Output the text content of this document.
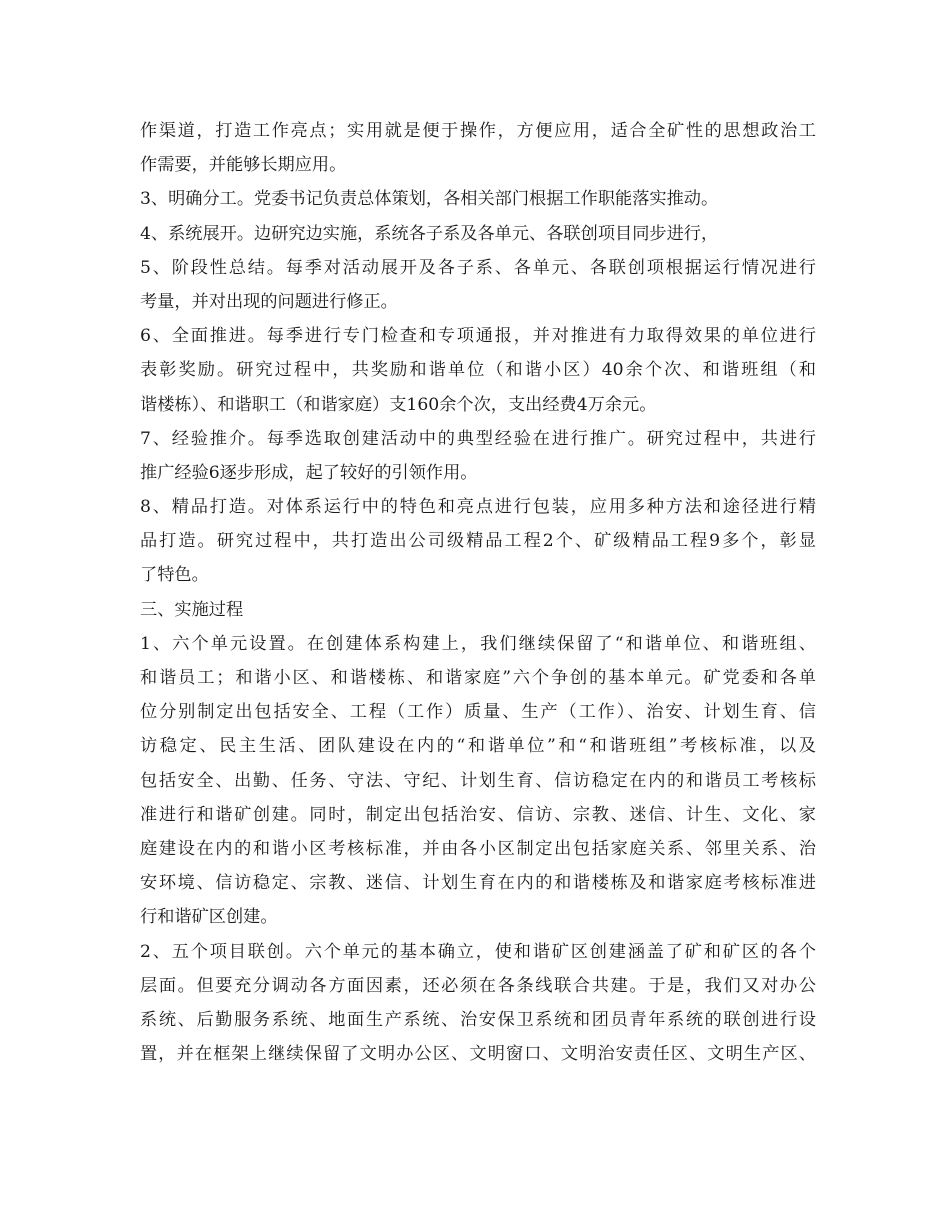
作渠道，打造工作亮点；实用就是便于操作，方便应用，适合全矿性的思想政治工
作需要，并能够长期应用。
3、明确分工。党委书记负责总体策划，各相关部门根据工作职能落实推动。
4、系统展开。边研究边实施，系统各子系及各单元、各联创项目同步进行，
5、阶段性总结。每季对活动展开及各子系、各单元、各联创项根据运行情况进行
考量，并对出现的问题进行修正。
6、全面推进。每季进行专门检查和专项通报，并对推进有力取得效果的单位进行
表彰奖励。研究过程中，共奖励和谐单位（和谐小区）40余个次、和谐班组（和
谐楼栋）、和谐职工（和谐家庭）支160余个次，支出经费4万余元。
7、经验推介。每季选取创建活动中的典型经验在进行推广。研究过程中，共进行
推广经验6逐步形成，起了较好的引领作用。
8、精品打造。对体系运行中的特色和亮点进行包装，应用多种方法和途径进行精
品打造。研究过程中，共打造出公司级精品工程2个、矿级精品工程9多个，彰显
了特色。
三、实施过程
1、六个单元设置。在创建体系构建上，我们继续保留了“和谐单位、和谐班组、
和谐员工；和谐小区、和谐楼栋、和谐家庭”六个争创的基本单元。矿党委和各单
位分别制定出包括安全、工程（工作）质量、生产（工作）、治安、计划生育、信
访稳定、民主生活、团队建设在内的“和谐单位”和“和谐班组”考核标准，以及
包括安全、出勤、任务、守法、守纪、计划生育、信访稳定在内的和谐员工考核标
准进行和谐矿创建。同时，制定出包括治安、信访、宗教、迷信、计生、文化、家
庭建设在内的和谐小区考核标准，并由各小区制定出包括家庭关系、邻里关系、治
安环境、信访稳定、宗教、迷信、计划生育在内的和谐楼栋及和谐家庭考核标准进
行和谐矿区创建。
2、五个项目联创。六个单元的基本确立，使和谐矿区创建涵盖了矿和矿区的各个
层面。但要充分调动各方面因素，还必须在各条线联合共建。于是，我们又对办公
系统、后勤服务系统、地面生产系统、治安保卫系统和团员青年系统的联创进行设
置，并在框架上继续保留了文明办公区、文明窗口、文明治安责任区、文明生产区、
